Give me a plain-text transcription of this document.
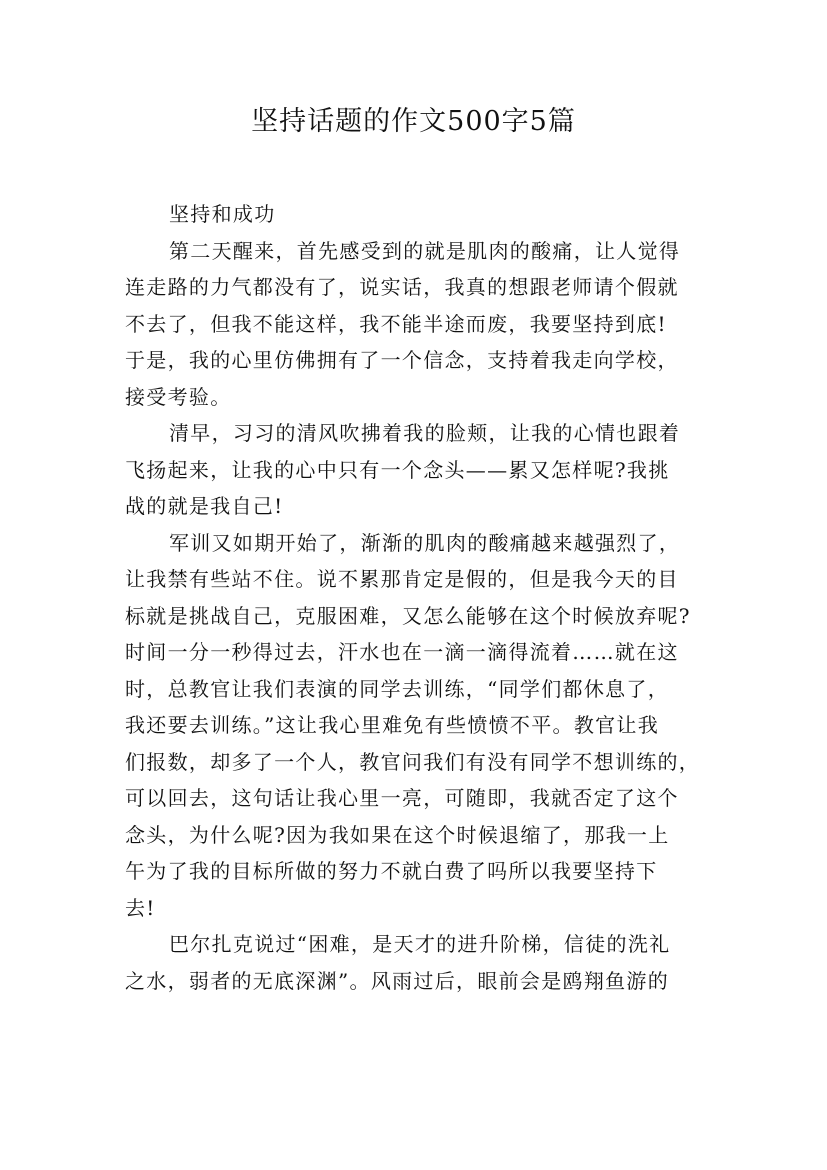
坚持话题的作文500字5篇
坚持和成功
第二天醒来，首先感受到的就是肌肉的酸痛，让人觉得
连走路的力气都没有了，说实话，我真的想跟老师请个假就
不去了，但我不能这样，我不能半途而废，我要坚持到底!
于是，我的心里仿佛拥有了一个信念，支持着我走向学校，
接受考验。
清早，习习的清风吹拂着我的脸颊，让我的心情也跟着
飞扬起来，让我的心中只有一个念头——累又怎样呢?我挑
战的就是我自己!
军训又如期开始了，渐渐的肌肉的酸痛越来越强烈了，
让我禁有些站不住。说不累那肯定是假的，但是我今天的目
标就是挑战自己，克服困难，又怎么能够在这个时候放弃呢?
时间一分一秒得过去，汗水也在一滴一滴得流着……就在这
时，总教官让我们表演的同学去训练，“同学们都休息了，
我还要去训练。”这让我心里难免有些愤愤不平。教官让我
们报数，却多了一个人，教官问我们有没有同学不想训练的，
可以回去，这句话让我心里一亮，可随即，我就否定了这个
念头，为什么呢?因为我如果在这个时候退缩了，那我一上
午为了我的目标所做的努力不就白费了吗所以我要坚持下
去!
巴尔扎克说过“困难，是天才的进升阶梯，信徒的洗礼
之水，弱者的无底深渊”。风雨过后，眼前会是鸥翔鱼游的
